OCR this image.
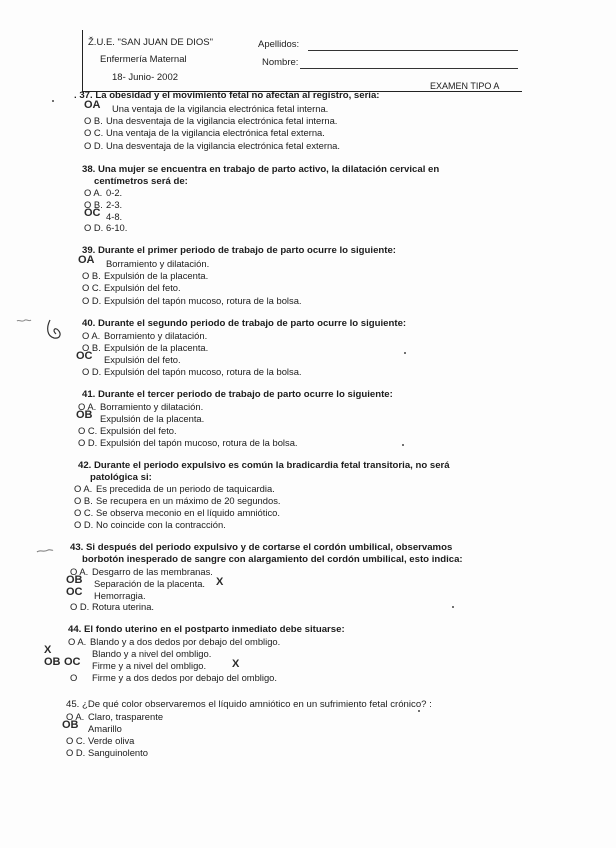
Ž.U.E. "SAN JUAN DE DIOS"
Enfermería Maternal
18- Junio- 2002
Apellidos:
Nombre:
EXAMEN TIPO A
. 37. La obesidad y el movimiento fetal no afectan al registro, sería:
OA Una ventaja de la vigilancia electrónica fetal interna.
O B. Una desventaja de la vigilancia electrónica fetal interna.
O C. Una ventaja de la vigilancia electrónica fetal externa.
O D. Una desventaja de la vigilancia electrónica fetal externa.
38. Una mujer se encuentra en trabajo de parto activo, la dilatación cervical en
centímetros será de:
O A. 0-2.
O B. 2-3.
OC 4-8.
O D. 6-10.
39. Durante el primer periodo de trabajo de parto ocurre lo siguiente:
OA Borramiento y dilatación.
O B. Expulsión de la placenta.
O C. Expulsión del feto.
O D. Expulsión del tapón mucoso, rotura de la bolsa.
40. Durante el segundo periodo de trabajo de parto ocurre lo siguiente:
O A. Borramiento y dilatación.
O B. Expulsión de la placenta.
OC Expulsión del feto.
O D. Expulsión del tapón mucoso, rotura de la bolsa.
41. Durante el tercer periodo de trabajo de parto ocurre lo siguiente:
O A. Borramiento y dilatación.
OB Expulsión de la placenta.
O C. Expulsión del feto.
O D. Expulsión del tapón mucoso, rotura de la bolsa.
42. Durante el periodo expulsivo es común la bradicardia fetal transitoria, no será
patológica si:
O A. Es precedida de un periodo de taquicardia.
O B. Se recupera en un máximo de 20 segundos.
O C. Se observa meconio en el líquido amniótico.
O D. No coincide con la contracción.
43. Si después del periodo expulsivo y de cortarse el cordón umbilical, observamos
borbotón inesperado de sangre con alargamiento del cordón umbilical, esto indica:
O A. Desgarro de las membranas.
OB Separación de la placenta. X
OC Hemorragia.
O D. Rotura uterina.
44. El fondo uterino en el postparto inmediato debe situarse:
O A. Blando y a dos dedos por debajo del ombligo.
X OB
Blando y a nivel del ombligo.
OC Firme y a nivel del ombligo. X
O Firme y a dos dedos por debajo del ombligo.
45. ¿De qué color observaremos el líquido amniótico en un sufrimiento fetal crónico? :
O A. Claro, trasparente
OB Amarillo
O C. Verde oliva
O D. Sanguinolento
